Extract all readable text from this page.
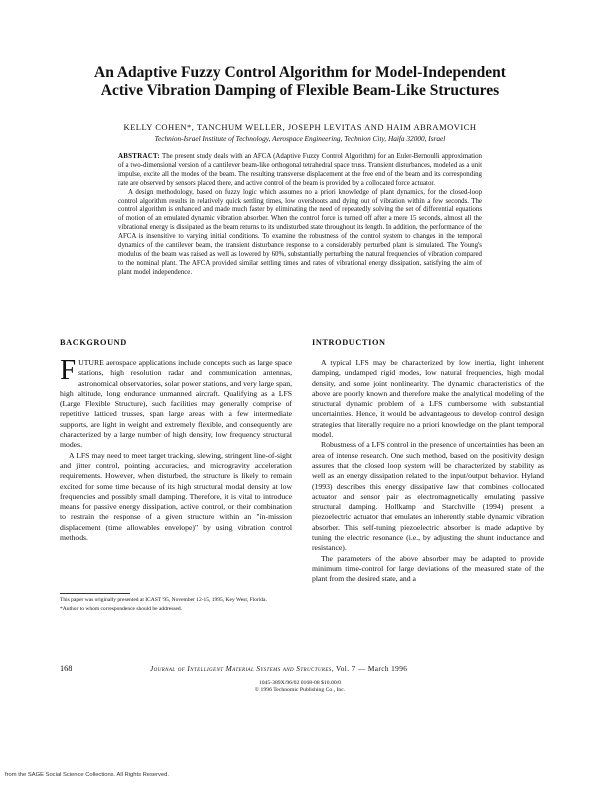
An Adaptive Fuzzy Control Algorithm for Model-Independent
Active Vibration Damping of Flexible Beam-Like Structures
KELLY COHEN*, TANCHUM WELLER, JOSEPH LEVITAS AND HAIM ABRAMOVICH
Technion-Israel Institute of Technology, Aerospace Engineering, Technion City, Haifa 32000, Israel

ABSTRACT: The present study deals with an AFCA (Adaptive Fuzzy Control Algorithm) for an Euler-Bernoulli approximation of a two-dimensional version of a cantilever beam-like orthogonal tetrahedral space truss. Transient disturbances, modeled as a unit impulse, excite all the modes of the beam. The resulting transverse displacement at the free end of the beam and its corresponding rate are observed by sensors placed there, and active control of the beam is provided by a collocated force actuator.

A design methodology, based on fuzzy logic which assumes no a priori knowledge of plant dynamics, for the closed-loop control algorithm results in relatively quick settling times, low overshoots and dying out of vibration within a few seconds. The control algorithm is enhanced and made much faster by eliminating the need of repeatedly solving the set of differential equations of motion of an emulated dynamic vibration absorber. When the control force is turned off after a mere 15 seconds, almost all the vibrational energy is dissipated as the beam returns to its undisturbed state throughout its length. In addition, the performance of the AFCA is insensitive to varying initial conditions. To examine the robustness of the control system to changes in the temporal dynamics of the cantilever beam, the transient disturbance response to a considerably perturbed plant is simulated. The Young's modulus of the beam was raised as well as lowered by 60%, substantially perturbing the natural frequencies of vibration compared to the nominal plant. The AFCA provided similar settling times and rates of vibrational energy dissipation, satisfying the aim of plant model independence.

BACKGROUND	INTRODUCTION

FUTURE aerospace applications include concepts such as large space stations, high resolution radar and communication antennas, astronomical observatories, solar power stations, and very large span, high altitude, long endurance unmanned aircraft. Qualifying as a LFS (Large Flexible Structure), such facilities may generally comprise of repetitive latticed trusses, span large areas with a few intermediate supports, are light in weight and extremely flexible, and consequently are characterized by a large number of high density, low frequency structural modes.

A LFS may need to meet target tracking, slewing, stringent line-of-sight and jitter control, pointing accuracies, and microgravity acceleration requirements. However, when disturbed, the structure is likely to remain excited for some time because of its high structural modal density at low frequencies and possibly small damping. Therefore, it is vital to introduce means for passive energy dissipation, active control, or their combination to restrain the response of a given structure within an "in-mission displacement (time allowables envelope)" by using vibration control methods.

This paper was originally presented at ICAST '95, November 12-15, 1995, Key West, Florida.

*Author to whom correspondence should be addressed.

A typical LFS may be characterized by low inertia, light inherent damping, undamped rigid modes, low natural frequencies, high modal density, and some joint nonlinearity. The dynamic characteristics of the above are poorly known and therefore make the analytical modeling of the structural dynamic problem of a LFS cumbersome with substantial uncertainties. Hence, it would be advantageous to develop control design strategies that literally require no a priori knowledge on the plant temporal model.

Robustness of a LFS control in the presence of uncertainties has been an area of intense research. One such method, based on the positivity design assures that the closed loop system will be characterized by stability as well as an energy dissipation related to the input/output behavior. Hyland (1993) describes this energy dissipative law that combines collocated actuator and sensor pair as electromagnetically emulating passive structural damping. Hollkamp and Starchville (1994) present a piezoelectric actuator that emulates an inherently stable dynamic vibration absorber. This self-tuning piezoelectric absorber is made adaptive by tuning the electric resonance (i.e., by adjusting the shunt inductance and resistance).

The parameters of the above absorber may be adapted to provide minimum time-control for large deviations of the measured state of the plant from the desired state, and a

168	Journal of Intelligent Material Systems and Structures, Vol. 7 — March 1996
1045-389X/96/02 0168-08 $10.00/0
© 1996 Technomic Publishing Co., Inc.
from the SAGE Social Science Collections. All Rights Reserved.
